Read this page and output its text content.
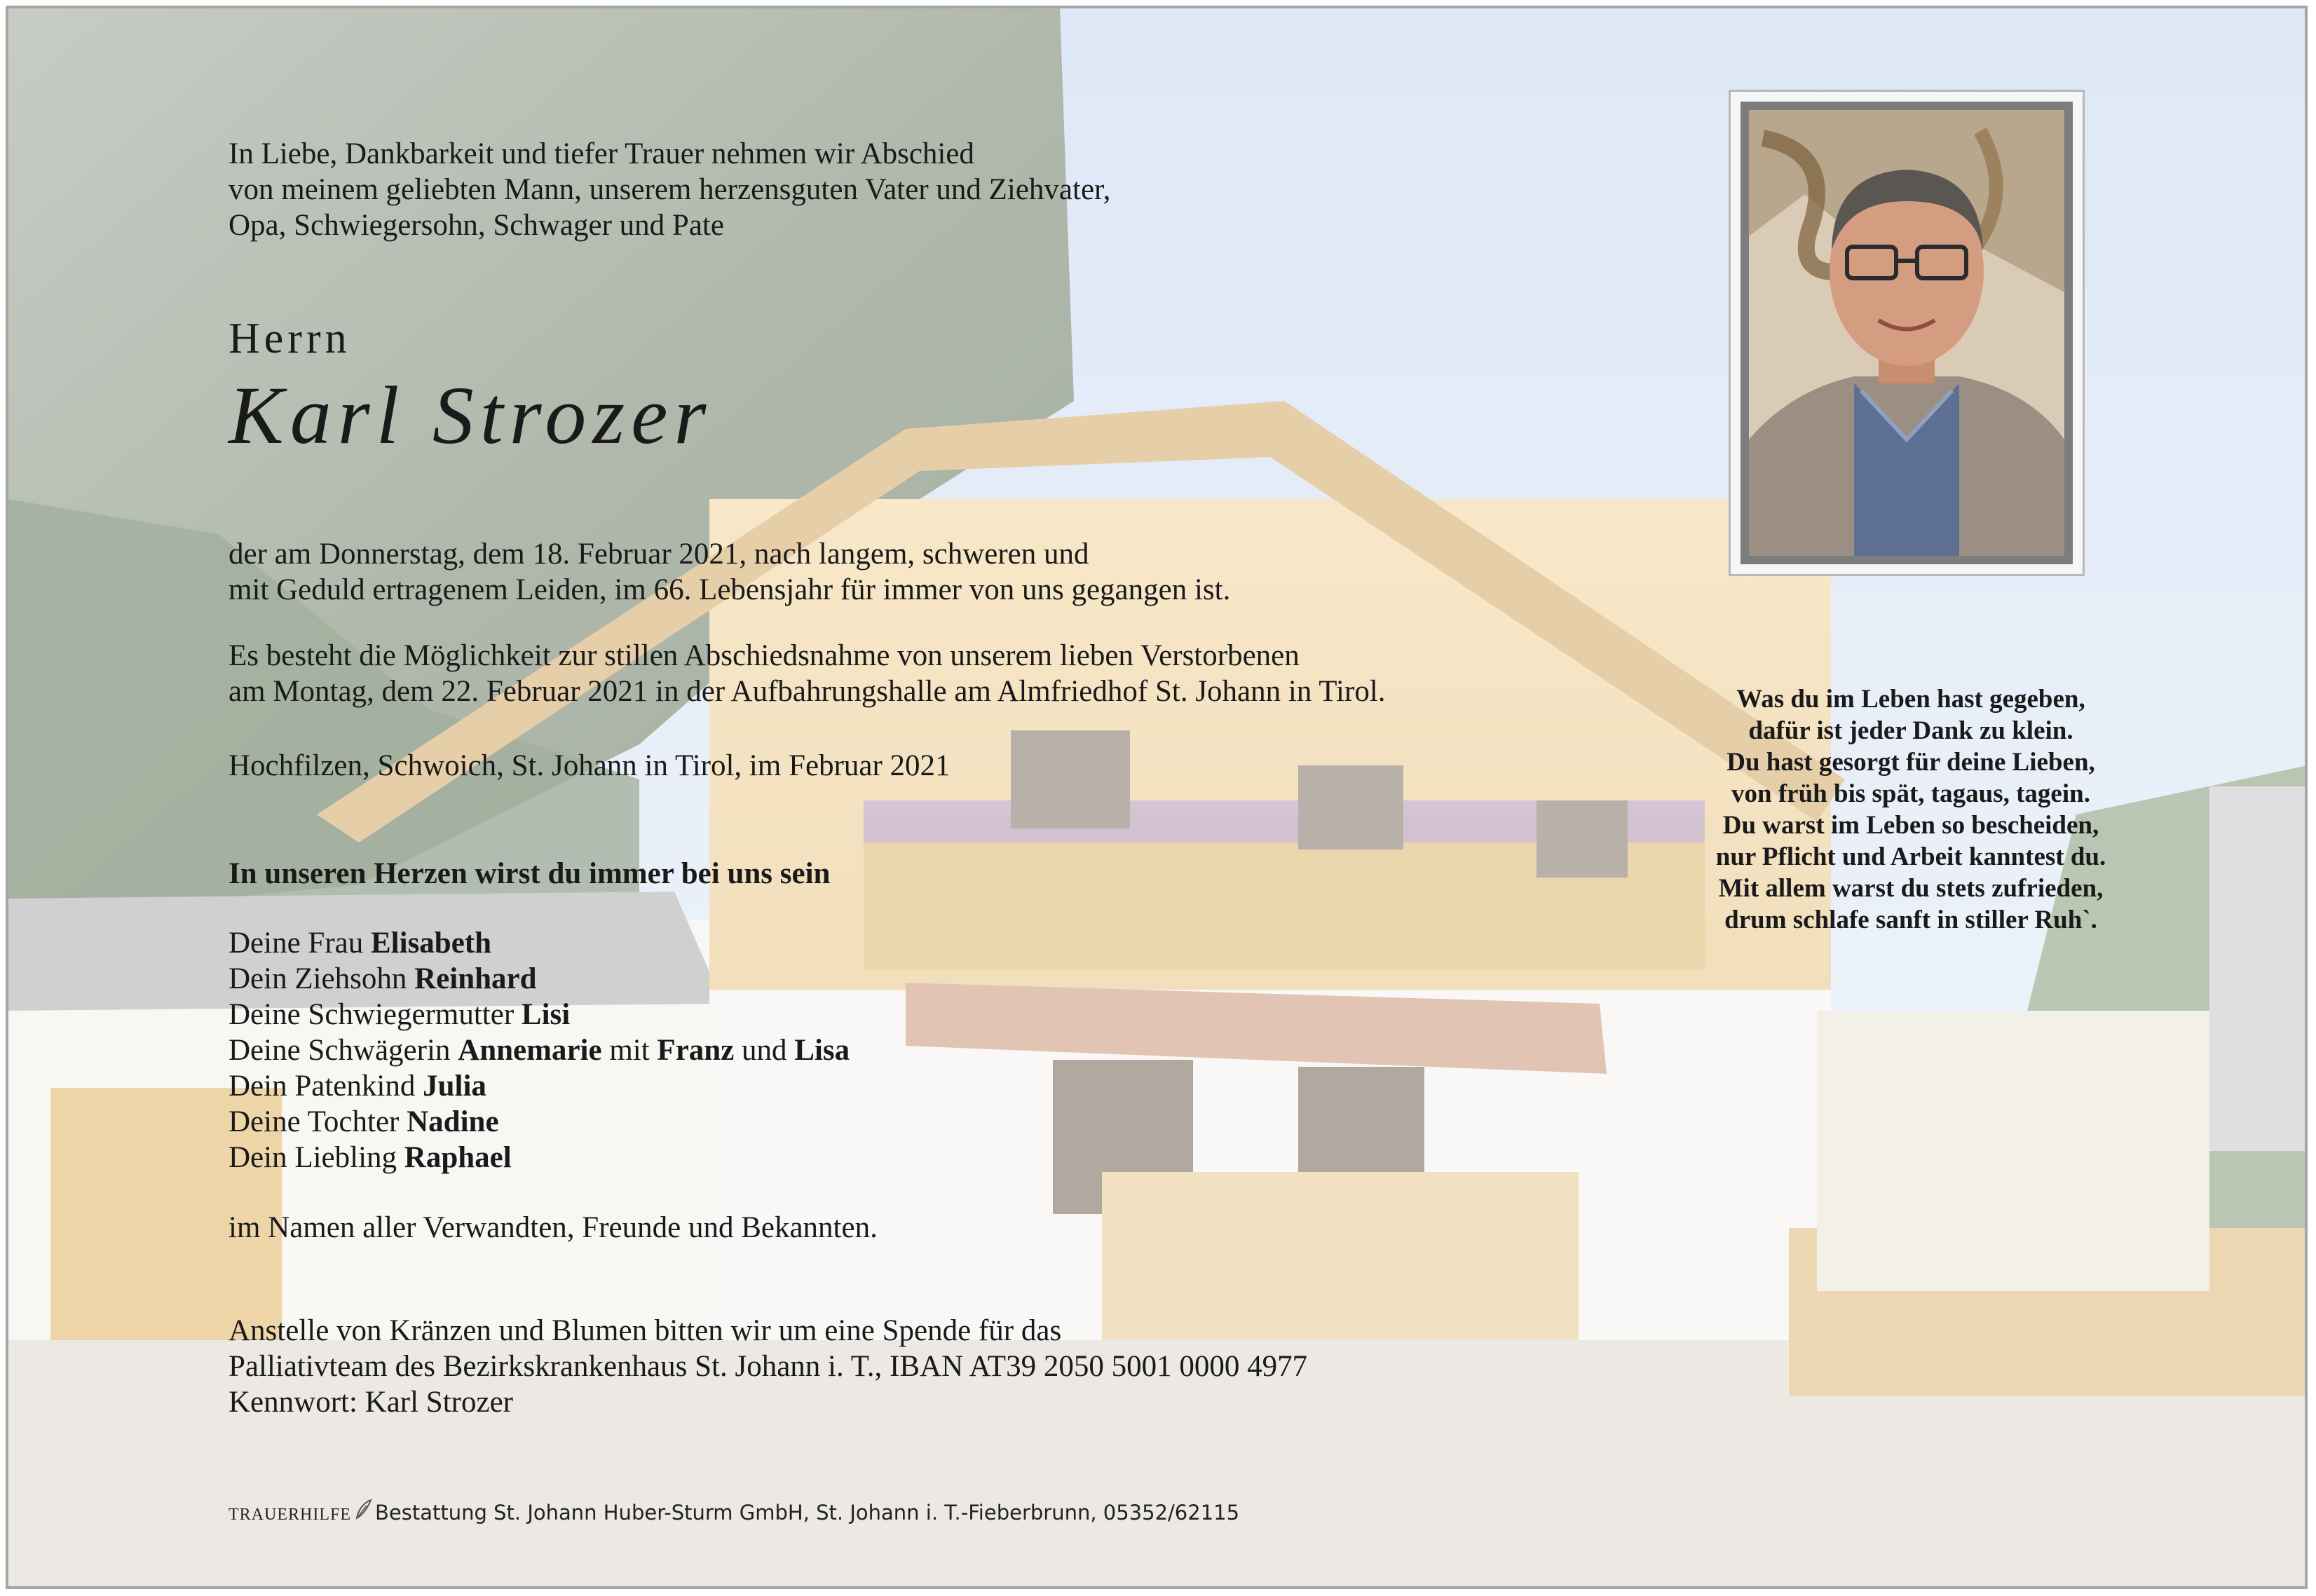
In Liebe, Dankbarkeit und tiefer Trauer nehmen wir Abschied

von meinem geliebten Mann, unserem herzensguten Vater und Ziehvater,

Opa, Schwiegersohn, Schwager und Pate

Herrn
Karl Strozer

der am Donnerstag, dem 18. Februar 2021, nach langem, schweren und

mit Geduld ertragenem Leiden, im 66. Lebensjahr für immer von uns gegangen ist.

Es besteht die Möglichkeit zur stillen Abschiedsnahme von unserem lieben Verstorbenen

am Montag, dem 22. Februar 2021 in der Aufbahrungshalle am Almfriedhof St. Johann in Tirol.

Hochfilzen, Schwoich, St. Johann in Tirol, im Februar 2021
In unseren Herzen wirst du immer bei uns sein

Deine Frau Elisabeth

Dein Ziehsohn Reinhard

Deine Schwiegermutter Lisi

Deine Schwägerin Annemarie mit Franz und Lisa

Dein Patenkind Julia

Deine Tochter Nadine

Dein Liebling Raphael

im Namen aller Verwandten, Freunde und Bekannten.

Anstelle von Kränzen und Blumen bitten wir um eine Spende für das

Palliativteam des Bezirkskrankenhaus St. Johann i. T., IBAN AT39 2050 5001 0000 4977

Kennwort: Karl Strozer

TRAUERHILFE Bestattung St. Johann Huber-Sturm GmbH, St. Johann i. T.-Fieberbrunn, 05352/62115

Was du im Leben hast gegeben,

dafür ist jeder Dank zu klein.

Du hast gesorgt für deine Lieben,

von früh bis spät, tagaus, tagein.

Du warst im Leben so bescheiden,

nur Pflicht und Arbeit kanntest du.

Mit allem warst du stets zufrieden,

drum schlafe sanft in stiller Ruh`.
